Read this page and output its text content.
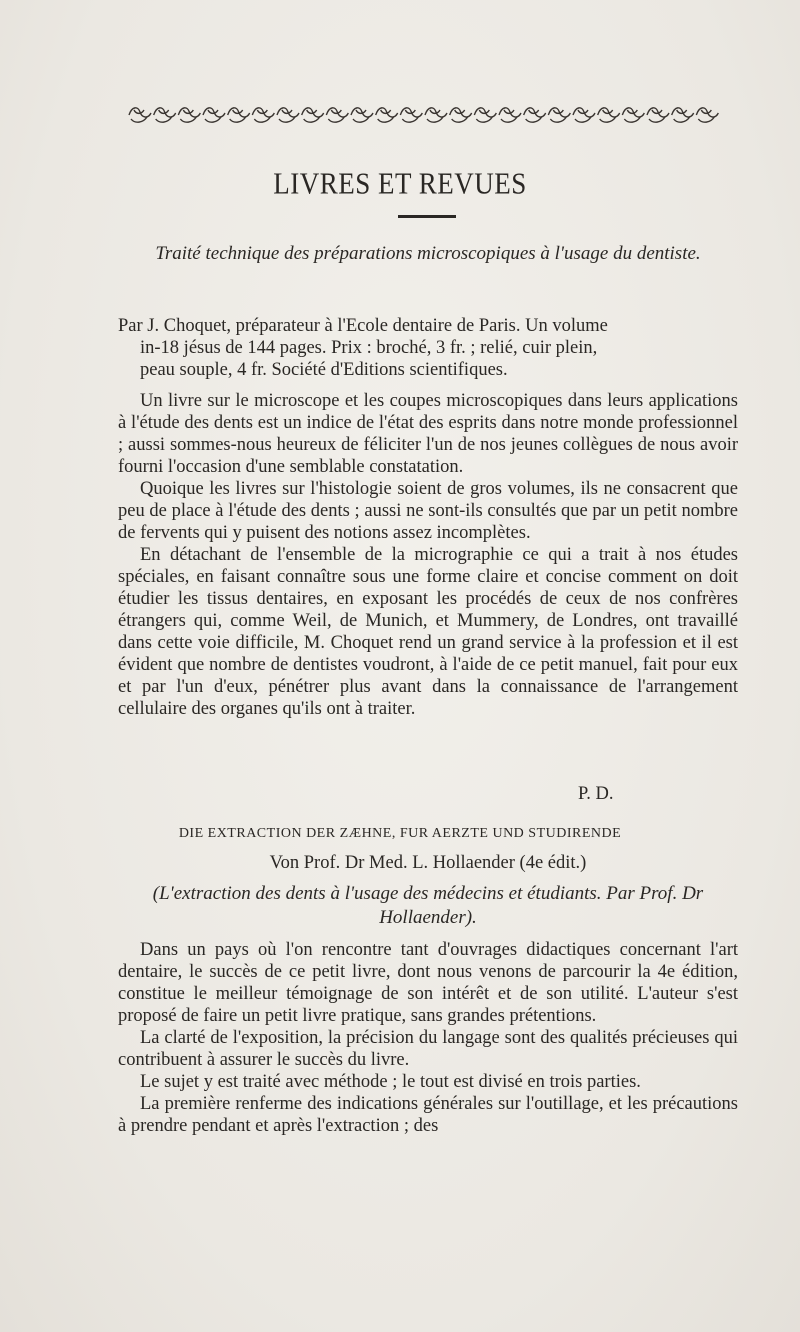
LIVRES ET REVUES
Traité technique des préparations microscopiques à l'usage du dentiste.

Par J. Choquet, préparateur à l'Ecole dentaire de Paris. Un volume

in-18 jésus de 144 pages. Prix : broché, 3 fr. ; relié, cuir plein,

peau souple, 4 fr. Société d'Editions scientifiques.

Un livre sur le microscope et les coupes microscopiques dans leurs applications à l'étude des dents est un indice de l'état des esprits dans notre monde professionnel ; aussi sommes-nous heureux de féliciter l'un de nos jeunes collègues de nous avoir fourni l'occasion d'une semblable constatation.

Quoique les livres sur l'histologie soient de gros volumes, ils ne consacrent que peu de place à l'étude des dents ; aussi ne sont-ils consultés que par un petit nombre de fervents qui y puisent des notions assez incomplètes.

En détachant de l'ensemble de la micrographie ce qui a trait à nos études spéciales, en faisant connaître sous une forme claire et concise comment on doit étudier les tissus dentaires, en exposant les procédés de ceux de nos confrères étrangers qui, comme Weil, de Munich, et Mummery, de Londres, ont travaillé dans cette voie difficile, M. Choquet rend un grand service à la profession et il est évident que nombre de dentistes voudront, à l'aide de ce petit manuel, fait pour eux et par l'un d'eux, pénétrer plus avant dans la connaissance de l'arrangement cellulaire des organes qu'ils ont à traiter.

P. D.
DIE EXTRACTION DER ZÆHNE, FUR AERZTE UND STUDIRENDE
Von Prof. Dr Med. L. Hollaender (4e édit.)
(L'extraction des dents à l'usage des médecins et étudiants. Par Prof. Dr Hollaender).

Dans un pays où l'on rencontre tant d'ouvrages didactiques concernant l'art dentaire, le succès de ce petit livre, dont nous venons de parcourir la 4e édition, constitue le meilleur témoignage de son intérêt et de son utilité. L'auteur s'est proposé de faire un petit livre pratique, sans grandes prétentions.

La clarté de l'exposition, la précision du langage sont des qualités précieuses qui contribuent à assurer le succès du livre.

Le sujet y est traité avec méthode ; le tout est divisé en trois parties.

La première renferme des indications générales sur l'outillage, et les précautions à prendre pendant et après l'extraction ; des
